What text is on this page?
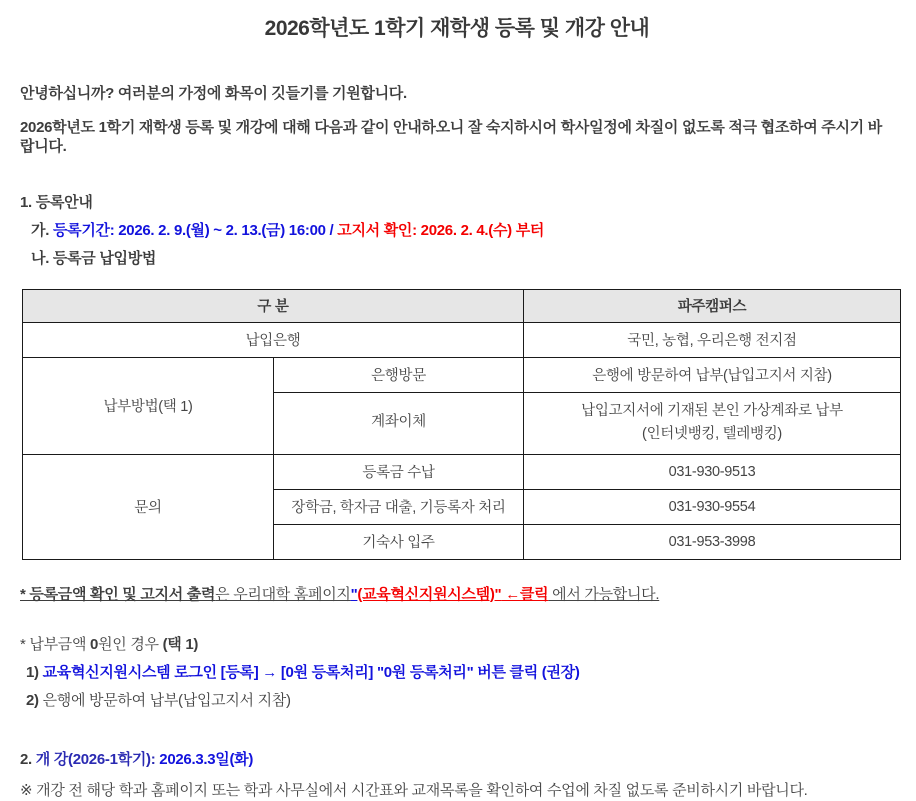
2026학년도 1학기 재학생 등록 및 개강 안내

안녕하십니까? 여러분의 가정에 화목이 깃들기를 기원합니다.

2026학년도 1학기 재학생 등록 및 개강에 대해 다음과 같이 안내하오니 잘 숙지하시어 학사일정에 차질이 없도록 적극 협조하여 주시기 바랍니다.

1. 등록안내

가. 등록기간: 2026. 2. 9.(월) ~ 2. 13.(금) 16:00 / 고지서 확인: 2026. 2. 4.(수) 부터

나. 등록금 납입방법

구 분		파주캠퍼스
납입은행		국민, 농협, 우리은행 전지점
납부방법(택 1)	은행방문	은행에 방문하여 납부(납입고지서 지참)
	계좌이체	납입고지서에 기재된 본인 가상계좌로 납부
(인터넷뱅킹, 텔레뱅킹)
문의	등록금 수납	031-930-9513
	장학금, 학자금 대출, 기등록자 처리	031-930-9554
	기숙사 입주	031-953-3998

* 등록금액 확인 및 고지서 출력은 우리대학 홈페이지"(교육혁신지원시스템)" ←클릭 에서 가능합니다.

* 납부금액 0원인 경우 (택 1)

1) 교육혁신지원시스템 로그인 [등록] → [0원 등록처리] "0원 등록처리" 버튼 클릭 (권장)

2) 은행에 방문하여 납부(납입고지서 지참)

2. 개 강(2026-1학기): 2026.3.3일(화)

※ 개강 전 해당 학과 홈페이지 또는 학과 사무실에서 시간표와 교재목록을 확인하여 수업에 차질 없도록 준비하시기 바랍니다.
